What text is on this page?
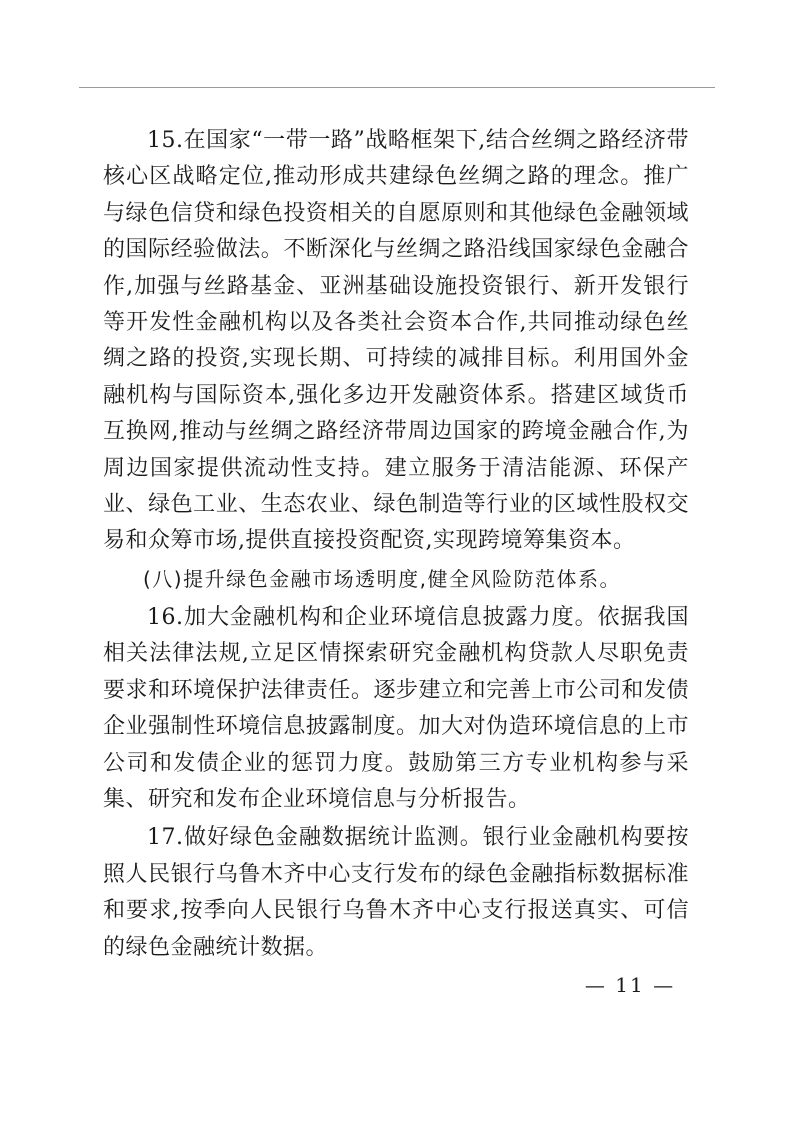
15.在国家“一带一路”战略框架下,结合丝绸之路经济带核心区战略定位,推动形成共建绿色丝绸之路的理念。推广与绿色信贷和绿色投资相关的自愿原则和其他绿色金融领域的国际经验做法。不断深化与丝绸之路沿线国家绿色金融合作,加强与丝路基金、亚洲基础设施投资银行、新开发银行等开发性金融机构以及各类社会资本合作,共同推动绿色丝绸之路的投资,实现长期、可持续的减排目标。利用国外金融机构与国际资本,强化多边开发融资体系。搭建区域货币互换网,推动与丝绸之路经济带周边国家的跨境金融合作,为周边国家提供流动性支持。建立服务于清洁能源、环保产业、绿色工业、生态农业、绿色制造等行业的区域性股权交易和众筹市场,提供直接投资配资,实现跨境筹集资本。

(八)提升绿色金融市场透明度,健全风险防范体系。

16.加大金融机构和企业环境信息披露力度。依据我国相关法律法规,立足区情探索研究金融机构贷款人尽职免责要求和环境保护法律责任。逐步建立和完善上市公司和发债企业强制性环境信息披露制度。加大对伪造环境信息的上市公司和发债企业的惩罚力度。鼓励第三方专业机构参与采集、研究和发布企业环境信息与分析报告。

17.做好绿色金融数据统计监测。银行业金融机构要按照人民银行乌鲁木齐中心支行发布的绿色金融指标数据标准和要求,按季向人民银行乌鲁木齐中心支行报送真实、可信的绿色金融统计数据。

— 11 —
